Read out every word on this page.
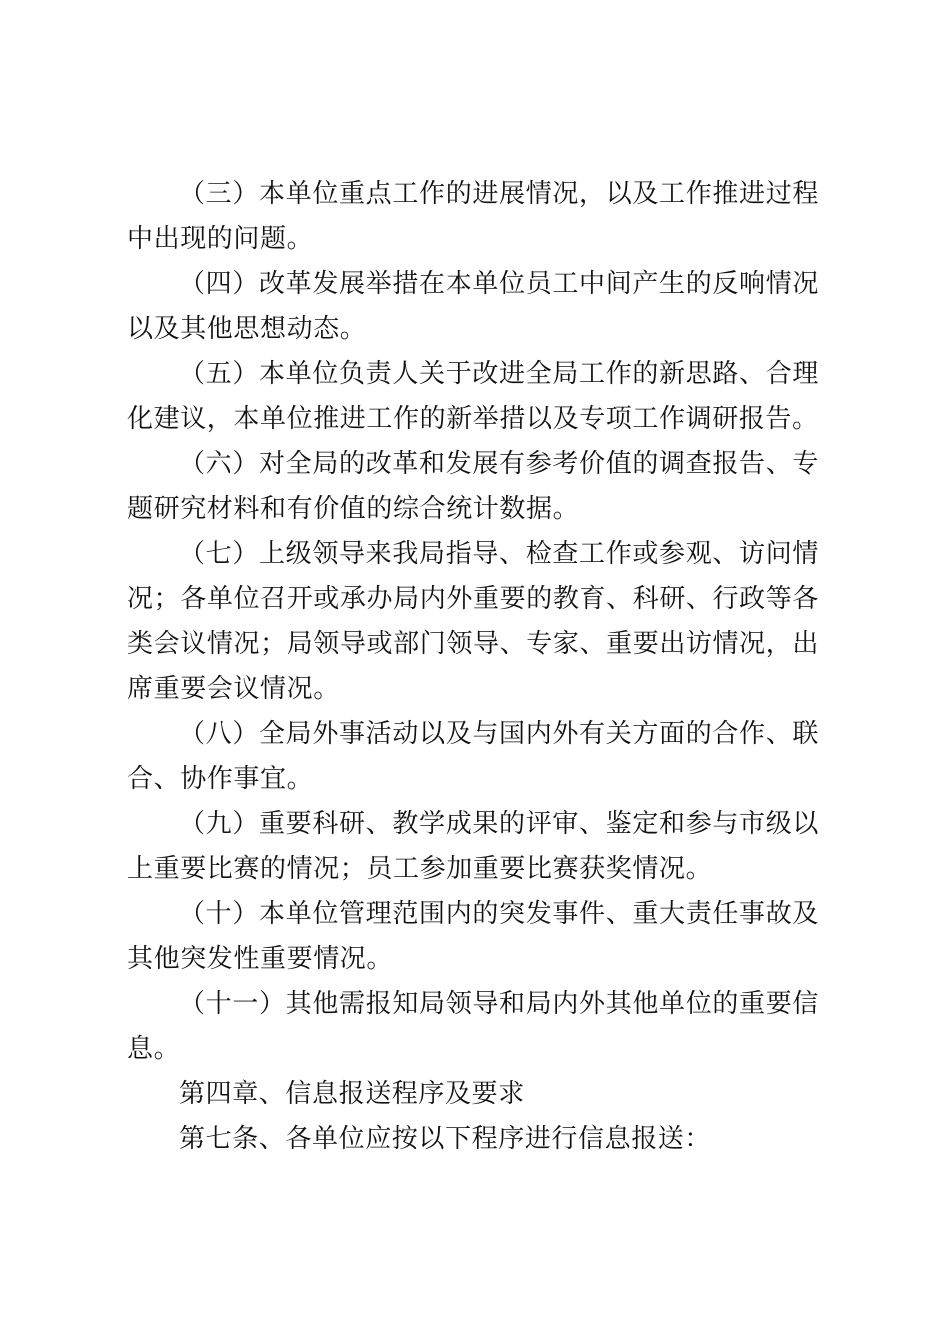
（三）本单位重点工作的进展情况，以及工作推进过程中出现的问题。

（四）改革发展举措在本单位员工中间产生的反响情况以及其他思想动态。

（五）本单位负责人关于改进全局工作的新思路、合理化建议，本单位推进工作的新举措以及专项工作调研报告。

（六）对全局的改革和发展有参考价值的调查报告、专题研究材料和有价值的综合统计数据。

（七）上级领导来我局指导、检查工作或参观、访问情况；各单位召开或承办局内外重要的教育、科研、行政等各类会议情况；局领导或部门领导、专家、重要出访情况，出席重要会议情况。

（八）全局外事活动以及与国内外有关方面的合作、联合、协作事宜。

（九）重要科研、教学成果的评审、鉴定和参与市级以上重要比赛的情况；员工参加重要比赛获奖情况。

（十）本单位管理范围内的突发事件、重大责任事故及其他突发性重要情况。

（十一）其他需报知局领导和局内外其他单位的重要信息。

第四章、信息报送程序及要求

第七条、各单位应按以下程序进行信息报送：
